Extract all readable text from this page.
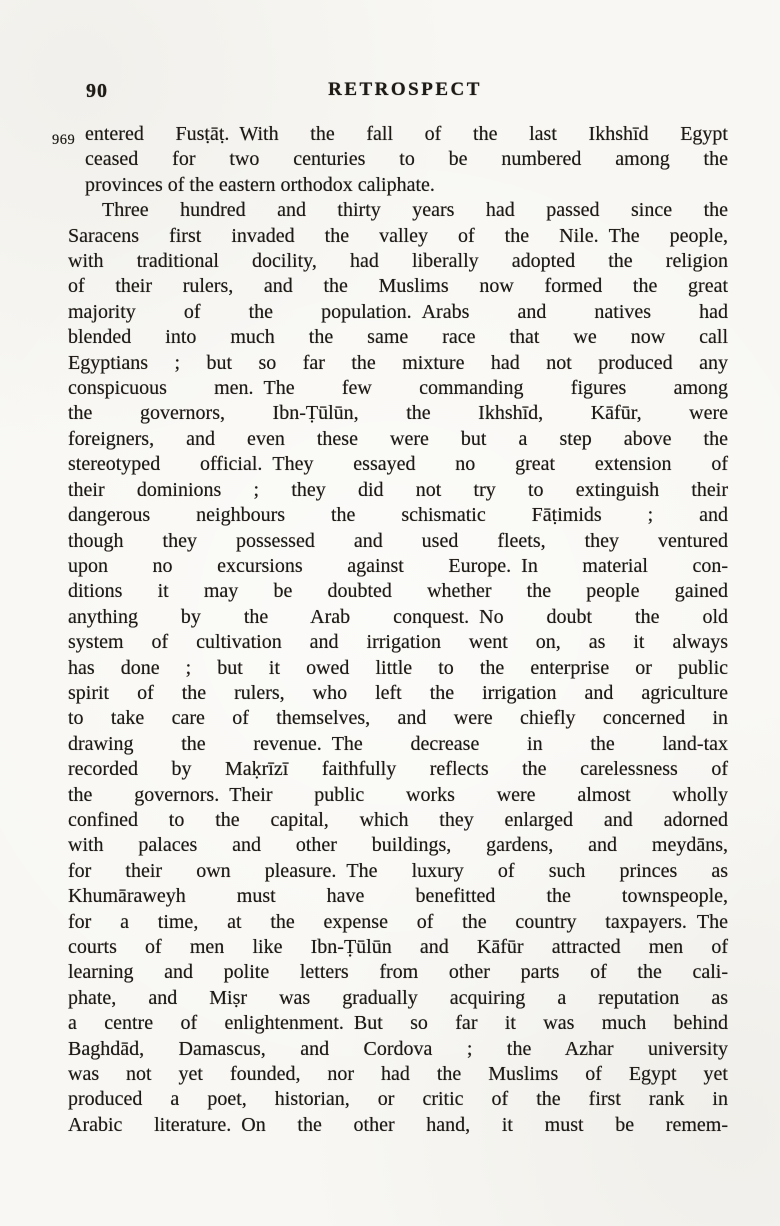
90	RETROSPECT
969 entered Fusṭāṭ. With the fall of the last Ikhshīd Egypt
ceased for two centuries to be numbered among the
provinces of the eastern orthodox caliphate.
Three hundred and thirty years had passed since the
Saracens first invaded the valley of the Nile. The people,
with traditional docility, had liberally adopted the religion
of their rulers, and the Muslims now formed the great
majority of the population. Arabs and natives had
blended into much the same race that we now call
Egyptians ; but so far the mixture had not produced any
conspicuous men. The few commanding figures among
the governors, Ibn-Ṭūlūn, the Ikhshīd, Kāfūr, were
foreigners, and even these were but a step above the
stereotyped official. They essayed no great extension of
their dominions ; they did not try to extinguish their
dangerous neighbours the schismatic Fāṭimids ; and
though they possessed and used fleets, they ventured
upon no excursions against Europe. In material con-
ditions it may be doubted whether the people gained
anything by the Arab conquest. No doubt the old
system of cultivation and irrigation went on, as it always
has done ; but it owed little to the enterprise or public
spirit of the rulers, who left the irrigation and agriculture
to take care of themselves, and were chiefly concerned in
drawing the revenue. The decrease in the land-tax
recorded by Maḳrīzī faithfully reflects the carelessness of
the governors. Their public works were almost wholly
confined to the capital, which they enlarged and adorned
with palaces and other buildings, gardens, and meydāns,
for their own pleasure. The luxury of such princes as
Khumāraweyh must have benefitted the townspeople,
for a time, at the expense of the country taxpayers. The
courts of men like Ibn-Ṭūlūn and Kāfūr attracted men of
learning and polite letters from other parts of the cali-
phate, and Miṣr was gradually acquiring a reputation as
a centre of enlightenment. But so far it was much behind
Baghdād, Damascus, and Cordova ; the Azhar university
was not yet founded, nor had the Muslims of Egypt yet
produced a poet, historian, or critic of the first rank in
Arabic literature. On the other hand, it must be remem-
